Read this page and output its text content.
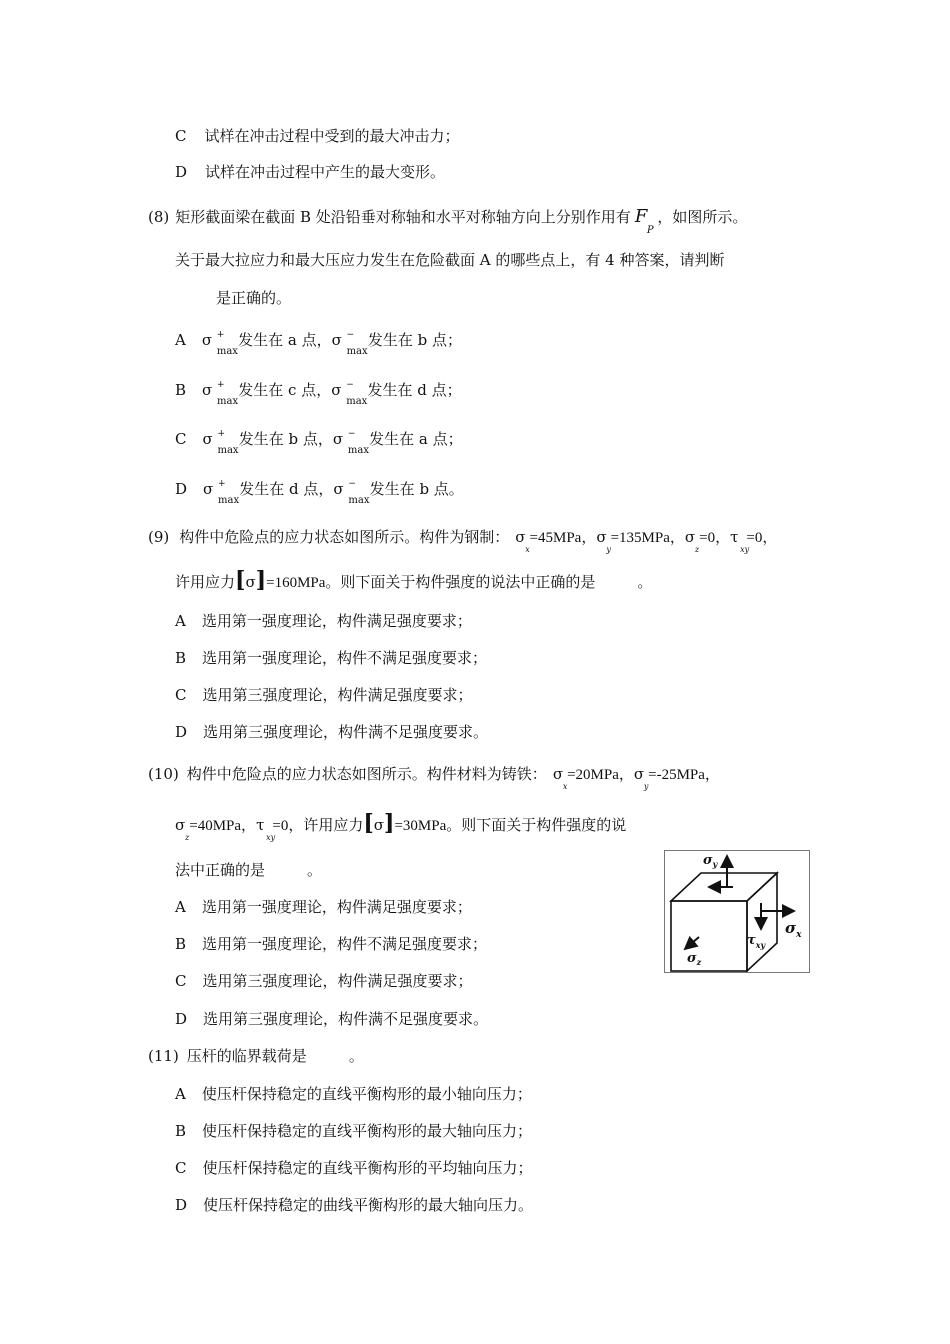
C 试样在冲击过程中受到的最大冲击力；
D 试样在冲击过程中产生的最大变形。
(8) 矩形截面梁在截面 B 处沿铅垂对称轴和水平对称轴方向上分别作用有 F
P
，如图所示。
关于最大拉应力和最大压应力发生在危险截面 A 的哪些点上，有 4 种答案，请判断
是正确的。
A σ +
max
发生在 a 点，σ −
max
发生在 b 点；
B σ +
max
发生在 c 点，σ −
max
发生在 d 点；
C σ +
max
发生在 b 点，σ −
max
发生在 a 点；
D σ +
max
发生在 d 点，σ −
max
发生在 b 点。
(9) 构件中危险点的应力状态如图所示。构件为钢制： σ
x
=45MPa，σ
y
=135MPa，σ
z
=0，τ
xy
=0，
许用应力[σ]=160MPa。则下面关于构件强度的说法中正确的是	。
A 选用第一强度理论，构件满足强度要求；
B 选用第一强度理论，构件不满足强度要求；
C 选用第三强度理论，构件满足强度要求；
D 选用第三强度理论，构件满不足强度要求。
(10) 构件中危险点的应力状态如图所示。构件材料为铸铁： σ
x
=20MPa，σ
y
=-25MPa，
σ
z
=40MPa，τ
xy
=0，许用应力[σ]=30MPa。则下面关于构件强度的说
法中正确的是	。
A 选用第一强度理论，构件满足强度要求；
B 选用第一强度理论，构件不满足强度要求；
C 选用第三强度理论，构件满足强度要求；
D 选用第三强度理论，构件满不足强度要求。
$\sigma_y$
$\sigma_x$
$\tau_{xy}$
$\sigma_z$
(11) 压杆的临界载荷是	。
A 使压杆保持稳定的直线平衡构形的最小轴向压力；
B 使压杆保持稳定的直线平衡构形的最大轴向压力；
C 使压杆保持稳定的直线平衡构形的平均轴向压力；
D 使压杆保持稳定的曲线平衡构形的最大轴向压力。
